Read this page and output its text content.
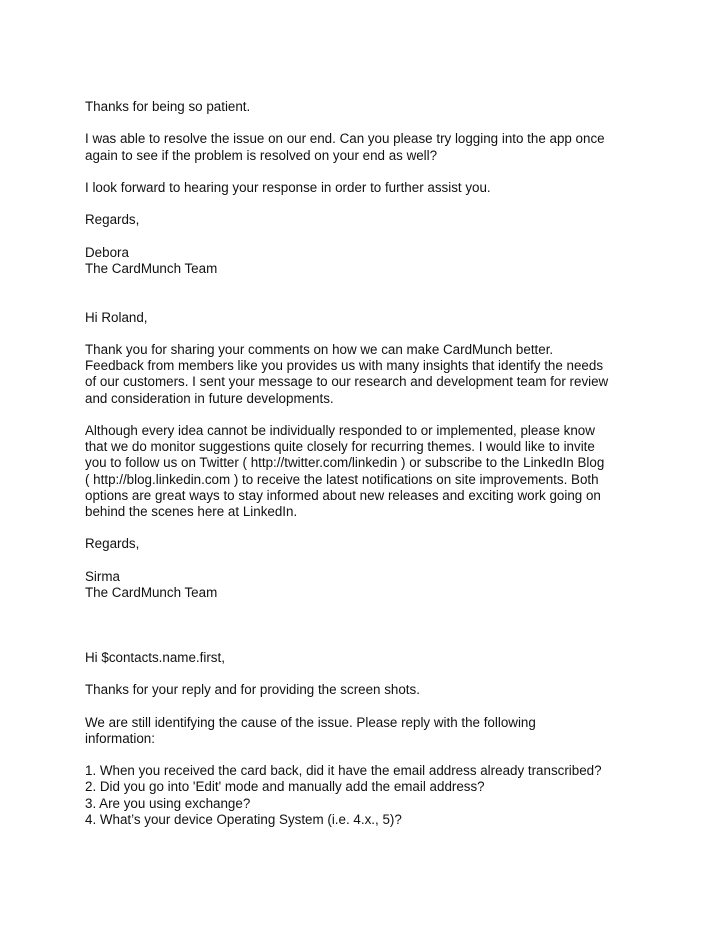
Thanks for being so patient.

I was able to resolve the issue on our end. Can you please try logging into the app once

again to see if the problem is resolved on your end as well?

I look forward to hearing your response in order to further assist you.

Regards,

Debora

The CardMunch Team

Hi Roland,

Thank you for sharing your comments on how we can make CardMunch better.

Feedback from members like you provides us with many insights that identify the needs

of our customers. I sent your message to our research and development team for review

and consideration in future developments.

Although every idea cannot be individually responded to or implemented, please know

that we do monitor suggestions quite closely for recurring themes. I would like to invite

you to follow us on Twitter ( http://twitter.com/linkedin ) or subscribe to the LinkedIn Blog

( http://blog.linkedin.com ) to receive the latest notifications on site improvements. Both

options are great ways to stay informed about new releases and exciting work going on

behind the scenes here at LinkedIn.

Regards,

Sirma

The CardMunch Team

Hi $contacts.name.first,

Thanks for your reply and for providing the screen shots.

We are still identifying the cause of the issue. Please reply with the following

information:

1. When you received the card back, did it have the email address already transcribed?

2. Did you go into 'Edit' mode and manually add the email address?

3. Are you using exchange?

4. What’s your device Operating System (i.e. 4.x., 5)?
